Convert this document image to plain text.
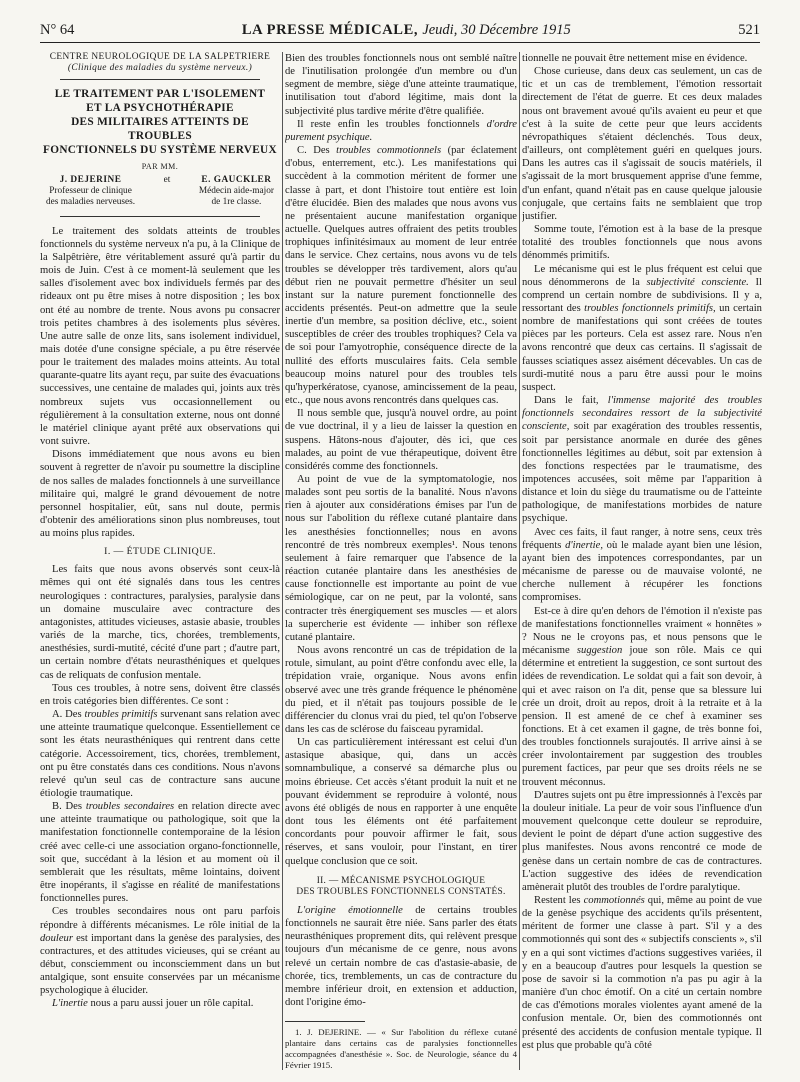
N° 64	LA PRESSE MÉDICALE, Jeudi, 30 Décembre 1915	521

CENTRE NEUROLOGIQUE DE LA SALPÊTRIÈRE

(Clinique des maladies du système nerveux.)

LE TRAITEMENT PAR L'ISOLEMENT
ET LA PSYCHOTHÉRAPIE
DES MILITAIRES ATTEINTS DE TROUBLES
FONCTIONNELS DU SYSTÈME NERVEUX
PAR MM.
J. DEJERINE
Professeur de clinique
des maladies nerveuses.
et	E. GAUCKLER
Médecin aide-major
de 1re classe.

Le traitement des soldats atteints de troubles fonctionnels du système nerveux n'a pu, à la Clinique de la Salpêtrière, être véritablement assuré qu'à partir du mois de Juin. C'est à ce moment-là seulement que les salles d'isolement avec box individuels fermés par des rideaux ont pu être mises à notre disposition ; les box ont été au nombre de trente. Nous avons pu consacrer trois petites chambres à des isolements plus sévères. Une autre salle de onze lits, sans isolement individuel, mais dotée d'une consigne spéciale, a pu être réservée pour le traitement des malades moins atteints. Au total quarante-quatre lits ayant reçu, par suite des évacuations successives, une centaine de malades qui, joints aux très nombreux sujets vus occasionnellement ou régulièrement à la consultation externe, nous ont donné le matériel clinique ayant prêté aux observations qui vont suivre.

Disons immédiatement que nous avons eu bien souvent à regretter de n'avoir pu soumettre la discipline de nos salles de malades fonctionnels à une surveillance militaire qui, malgré le grand dévouement de notre personnel hospitalier, eût, sans nul doute, permis d'obtenir des améliorations sinon plus nombreuses, tout au moins plus rapides.

I. — ÉTUDE CLINIQUE.

Les faits que nous avons observés sont ceux-là mêmes qui ont été signalés dans tous les centres neurologiques : contractures, paralysies, paralysie dans un domaine musculaire avec contracture des antagonistes, attitudes vicieuses, astasie abasie, troubles variés de la marche, tics, chorées, tremblements, anesthésies, surdi-mutité, cécité d'une part ; d'autre part, un certain nombre d'états neurasthéniques et quelques cas de reliquats de confusion mentale.

Tous ces troubles, à notre sens, doivent être classés en trois catégories bien différentes. Ce sont :

A. Des troubles primitifs survenant sans relation avec une atteinte traumatique quelconque. Essentiellement ce sont les états neurasthéniques qui rentrent dans cette catégorie. Accessoirement, tics, chorées, tremblement, ont pu être constatés dans ces conditions. Nous n'avons relevé qu'un seul cas de contracture sans aucune étiologie traumatique.

B. Des troubles secondaires en relation directe avec une atteinte traumatique ou pathologique, soit que la manifestation fonctionnelle contemporaine de la lésion créé avec celle-ci une association organo-fonctionnelle, soit que, succédant à la lésion et au moment où il semblerait que les résultats, même lointains, doivent être inopérants, il s'agisse en réalité de manifestations fonctionnelles pures.

Ces troubles secondaires nous ont paru parfois répondre à différents mécanismes. Le rôle initial de la douleur est important dans la genèse des paralysies, des contractures, et des attitudes vicieuses, qui se créant au début, consciemment ou inconsciemment dans un but antalgique, sont ensuite conservées par un mécanisme psychologique à élucider.

L'inertie nous a paru aussi jouer un rôle capital.

Bien des troubles fonctionnels nous ont semblé naître de l'inutilisation prolongée d'un membre ou d'un segment de membre, siège d'une atteinte traumatique, inutilisation tout d'abord légitime, mais dont la subjectivité plus tardive mérite d'être qualifiée.

Il reste enfin les troubles fonctionnels d'ordre purement psychique.

C. Des troubles commotionnels (par éclatement d'obus, enterrement, etc.). Les manifestations qui succèdent à la commotion méritent de former une classe à part, et dont l'histoire tout entière est loin d'être élucidée. Bien des malades que nous avons vus ne présentaient aucune manifestation organique actuelle. Quelques autres offraient des petits troubles trophiques infinitésimaux au moment de leur entrée dans le service. Chez certains, nous avons vu de tels troubles se développer très tardivement, alors qu'au début rien ne pouvait permettre d'hésiter un seul instant sur la nature purement fonctionnelle des accidents présentés. Peut-on admettre que la seule inertie d'un membre, sa position déclive, etc., soient susceptibles de créer des troubles trophiques? Cela va de soi pour l'amyotrophie, conséquence directe de la nullité des efforts musculaires faits. Cela semble beaucoup moins naturel pour des troubles tels qu'hyperkératose, cyanose, amincissement de la peau, etc., que nous avons rencontrés dans quelques cas.

Il nous semble que, jusqu'à nouvel ordre, au point de vue doctrinal, il y a lieu de laisser la question en suspens. Hâtons-nous d'ajouter, dès ici, que ces malades, au point de vue thérapeutique, doivent être considérés comme des fonctionnels.

Au point de vue de la symptomatologie, nos malades sont peu sortis de la banalité. Nous n'avons rien à ajouter aux considérations émises par l'un de nous sur l'abolition du réflexe cutané plantaire dans les anesthésies fonctionnelles; nous en avons rencontré de très nombreux exemples¹. Nous tenons seulement à faire remarquer que l'absence de la réaction cutanée plantaire dans les anesthésies de cause fonctionnelle est importante au point de vue sémiologique, car on ne peut, par la volonté, sans contracter très énergiquement ses muscles — et alors la supercherie est évidente — inhiber son réflexe cutané plantaire.

Nous avons rencontré un cas de trépidation de la rotule, simulant, au point d'être confondu avec elle, la trépidation vraie, organique. Nous avons enfin observé avec une très grande fréquence le phénomène du pied, et il n'était pas toujours possible de le différencier du clonus vrai du pied, tel qu'on l'observe dans les cas de sclérose du faisceau pyramidal.

Un cas particulièrement intéressant est celui d'un astasique abasique, qui, dans un accès somnambulique, a conservé sa démarche plus ou moins ébrieuse. Cet accès s'étant produit la nuit et ne pouvant évidemment se reproduire à volonté, nous avons été obligés de nous en rapporter à une enquête dont tous les éléments ont été parfaitement concordants pour pouvoir affirmer le fait, sous réserves, et sans vouloir, pour l'instant, en tirer quelque conclusion que ce soit.

II. — MÉCANISME PSYCHOLOGIQUE
DES TROUBLES FONCTIONNELS CONSTATÉS.

L'origine émotionnelle de certains troubles fonctionnels ne saurait être niée. Sans parler des états neurasthéniques proprement dits, qui relèvent presque toujours d'un mécanisme de ce genre, nous avons relevé un certain nombre de cas d'astasie-abasie, de chorée, tics, tremblements, un cas de contracture du membre inférieur droit, en extension et adduction, dont l'origine émo-

1. J. DEJERINE. — « Sur l'abolition du réflexe cutané plantaire dans certains cas de paralysies fonctionnelles accompagnées d'anesthésie ». Soc. de Neurologie, séance du 4 Février 1915.

tionnelle ne pouvait être nettement mise en évidence.

Chose curieuse, dans deux cas seulement, un cas de tic et un cas de tremblement, l'émotion ressortait directement de l'état de guerre. Et ces deux malades nous ont bravement avoué qu'ils avaient eu peur et que c'est à la suite de cette peur que leurs accidents névropathiques s'étaient déclenchés. Tous deux, d'ailleurs, ont complètement guéri en quelques jours. Dans les autres cas il s'agissait de soucis matériels, il s'agissait de la mort brusquement apprise d'une femme, d'un enfant, quand n'était pas en cause quelque jalousie conjugale, que certains faits ne semblaient que trop justifier.

Somme toute, l'émotion est à la base de la presque totalité des troubles fonctionnels que nous avons dénommés primitifs.

Le mécanisme qui est le plus fréquent est celui que nous dénommerons de la subjectivité consciente. Il comprend un certain nombre de subdivisions. Il y a, ressortant des troubles fonctionnels primitifs, un certain nombre de manifestations qui sont créées de toutes pièces par les porteurs. Cela est assez rare. Nous n'en avons rencontré que deux cas certains. Il s'agissait de fausses sciatiques assez aisément décevables. Un cas de surdi-mutité nous a paru être aussi pour le moins suspect.

Dans le fait, l'immense majorité des troubles fonctionnels secondaires ressort de la subjectivité consciente, soit par exagération des troubles ressentis, soit par persistance anormale en durée des gênes fonctionnelles légitimes au début, soit par extension à des fonctions respectées par le traumatisme, des impotences accusées, soit même par l'apparition à distance et loin du siège du traumatisme ou de l'atteinte pathologique, de manifestations morbides de nature psychique.

Avec ces faits, il faut ranger, à notre sens, ceux très fréquents d'inertie, où le malade ayant bien une lésion, ayant bien des impotences correspondantes, par un mécanisme de paresse ou de mauvaise volonté, ne cherche nullement à récupérer les fonctions compromises.

Est-ce à dire qu'en dehors de l'émotion il n'existe pas de manifestations fonctionnelles vraiment « honnêtes » ? Nous ne le croyons pas, et nous pensons que le mécanisme suggestion joue son rôle. Mais ce qui détermine et entretient la suggestion, ce sont surtout des idées de revendication. Le soldat qui a fait son devoir, à qui et avec raison on l'a dit, pense que sa blessure lui crée un droit, droit au repos, droit à la retraite et à la pension. Il est amené de ce chef à examiner ses fonctions. Et à cet examen il gagne, de très bonne foi, des troubles fonctionnels surajoutés. Il arrive ainsi à se créer involontairement par suggestion des troubles purement factices, par peur que ses droits réels ne se trouvent méconnus.

D'autres sujets ont pu être impressionnés à l'excès par la douleur initiale. La peur de voir sous l'influence d'un mouvement quelconque cette douleur se reproduire, devient le point de départ d'une action suggestive des plus manifestes. Nous avons rencontré ce mode de genèse dans un certain nombre de cas de contractures. L'action suggestive des idées de revendication amènerait plutôt des troubles de l'ordre paralytique.

Restent les commotionnés qui, même au point de vue de la genèse psychique des accidents qu'ils présentent, méritent de former une classe à part. S'il y a des commotionnés qui sont des « subjectifs conscients », s'il y en a qui sont victimes d'actions suggestives variées, il y en a beaucoup d'autres pour lesquels la question se pose de savoir si la commotion n'a pas pu agir à la manière d'un choc émotif. On a cité un certain nombre de cas d'émotions morales violentes ayant amené de la confusion mentale. Or, bien des commotionnés ont présenté des accidents de confusion mentale typique. Il est plus que probable qu'à côté
